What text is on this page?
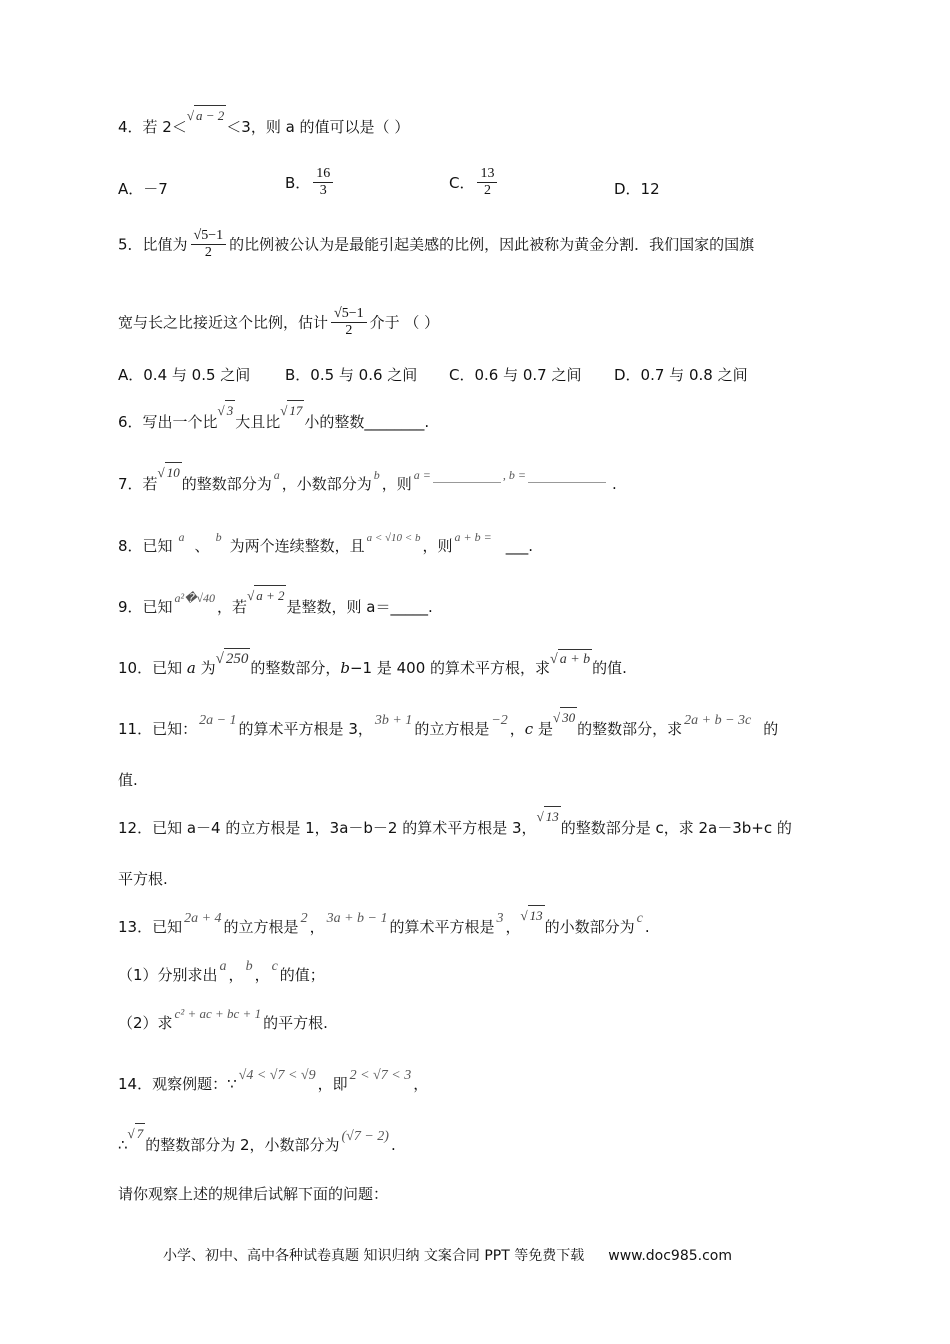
4．若 2＜√ a − 2＜3，则 a 的值可以是（ ）
A．－7	B． $\frac{16}{3}$	C． $\frac{13}{2}$	D．12
5．比值为 $\frac{√5-1}{2}$ 的比例被公认为是最能引起美感的比例，因此被称为黄金分割．我们国家的国旗
宽与长之比接近这个比例，估计 $\frac{√5-1}{2}$ 介于 （ ）
A．0.4 与 0.5 之间 B．0.5 与 0.6 之间 C．0.6 与 0.7 之间 D．0.7 与 0.8 之间
6．写出一个比√ 3大且比√ 17小的整数________.
7．若√ 10的整数部分为 $^a$ ，小数部分为 $^b$ ，则 $^{a =}$	$^{, b =}$	.
8．已知 $^a$ 、 $^b$ 为两个连续整数，且 $^{a < √10 < b}$ ，则 $^{a + b =}$ ___.
9．已知 $^{a^2�√40}$ ，若√ a + 2是整数，则 a＝_____.
10．已知 a 为√ 250 的整数部分，b−1 是 400 的算术平方根，求√ a + b 的值.
11．已知： 2a − 1 的算术平方根是 3， 3b + 1 的立方根是 −2 ，c 是√ 30的整数部分，求 2a + b − 3c 的
值.
12．已知 a－4 的立方根是 1，3a－b－2 的算术平方根是 3，√ 13的整数部分是 c，求 2a－3b+c 的
平方根.
13．已知 2a + 4 的立方根是 2 ， 3a + b − 1 的算术平方根是 3 ，√ 13的小数部分为 c .
（1）分别求出 a ， b ， c 的值；
（2）求c² + ac + bc + 1的平方根.
14．观察例题：∵ √4 < √7 < √9 ，即 2 < √7 < 3 ，
∴√ 7的整数部分为 2，小数部分为 (√7 − 2) .
请你观察上述的规律后试解下面的问题：
小学、初中、高中各种试卷真题 知识归纳 文案合同 PPT 等免费下载 www.doc985.com
